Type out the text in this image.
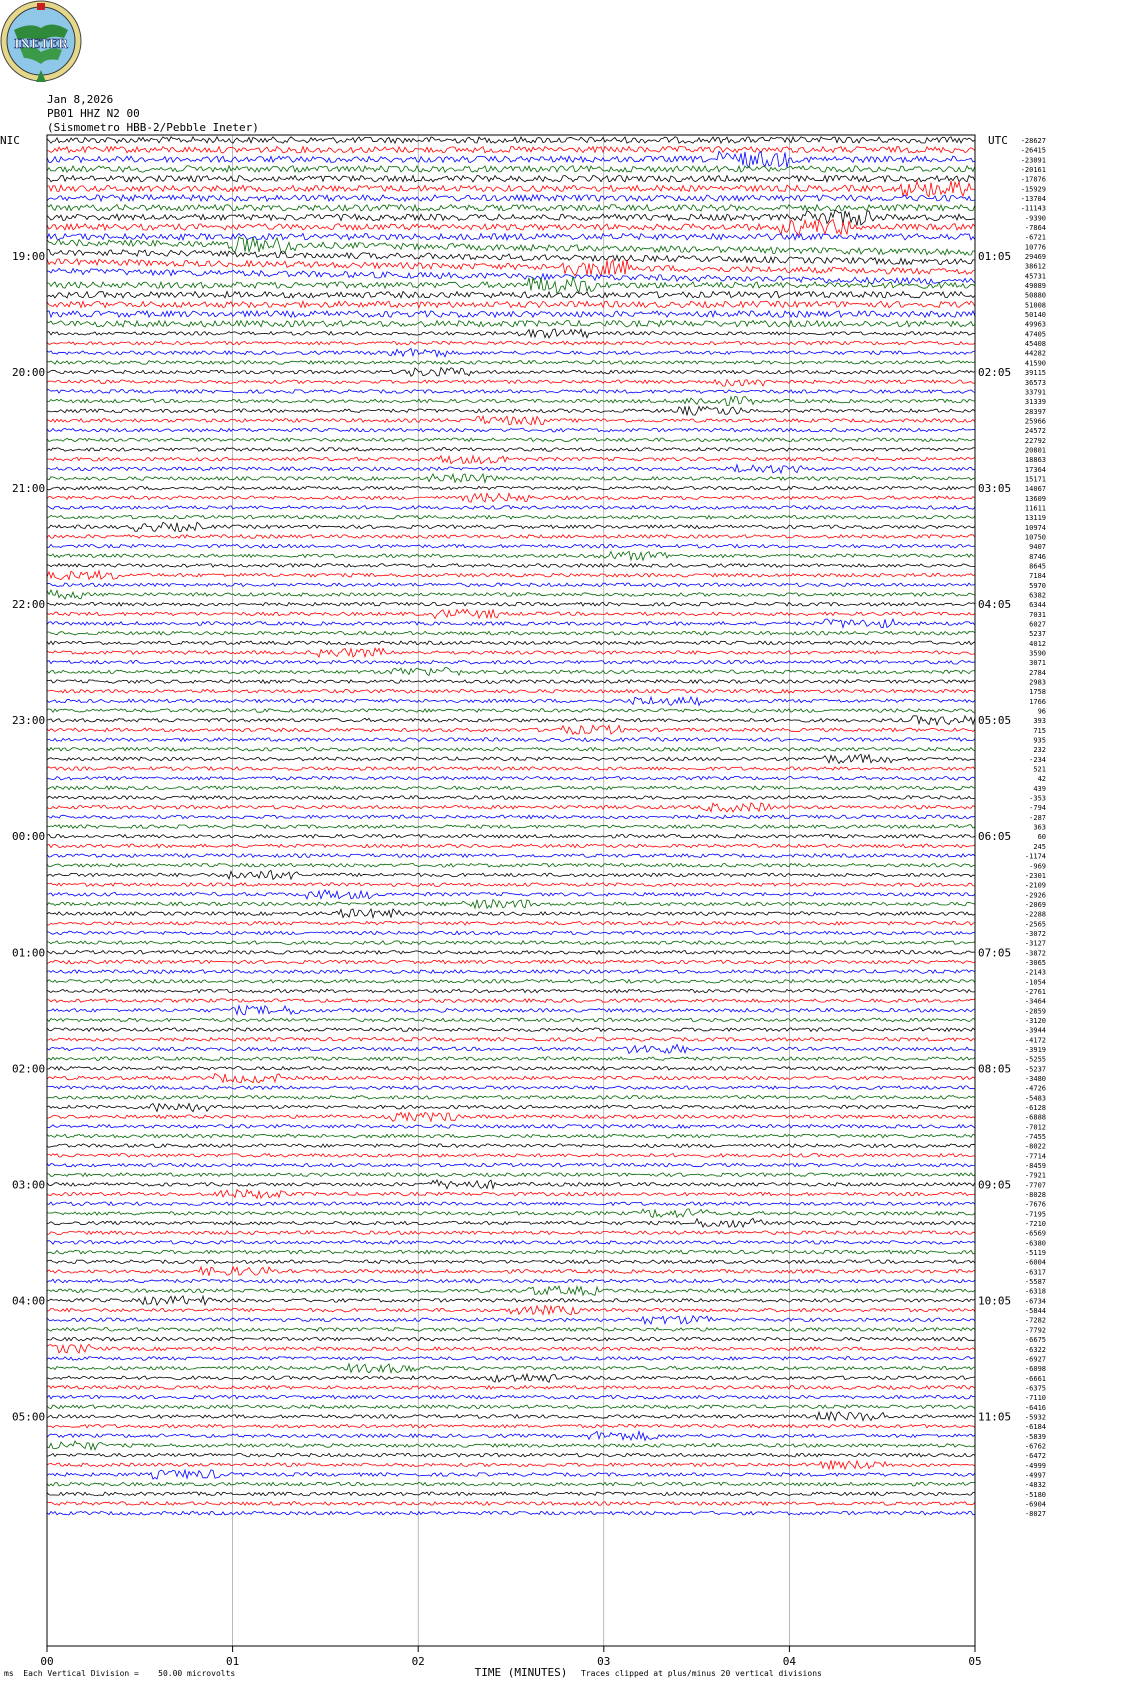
INETER
Jan 8,2026
PB01 HHZ N2 00
(Sismometro HBB-2/Pebble Ineter)
NIC	UTC
19:00
20:00
21:00
22:00
23:00
00:00
01:00
02:00
03:00
04:00
05:00
01:05
02:05
03:05
04:05
05:05
06:05
07:05
08:05
09:05
10:05
11:05
-28627
-26415
-23091
-20161
-17876
-15929
-13704
-11143
-9390
-7864
-6721
10776
29469
38612
45731
49089
50880
51008
50140
49963
47405
45408
44282
41590
39115
36573
33791
31339
28397
25966
24572
22792
20801
18863
17364
15171
14067
13609
11611
13119
10974
10750
9407
8746
8645
7184
5970
6382
6344
7031
6027
5237
4012
3590
3071
2784
2983
1758
1766
96
393
715
935
232
-234
521
42
439
-353
-794
-287
363
60
245
-1174
-969
-2301
-2109
-2926
-2069
-2288
-2565
-3072
-3127
-3872
-3065
-2143
-1054
-2761
-3464
-2859
-3120
-3944
-4172
-3919
-5255
-5237
-3480
-4726
-5483
-6128
-6888
-7012
-7455
-8022
-7714
-8459
-7921
-7707
-8028
-7676
-7195
-7210
-6569
-6380
-5119
-6004
-6317
-5587
-6318
-6734
-5844
-7282
-7792
-6675
-6322
-6927
-6098
-6661
-6375
-7110
-6416
-5932
-6184
-5839
-6762
-6472
-4999
-4997
-4832
-5180
-6904
-8027
00	01	02	03	04	05
TIME (MINUTES)
ms Each Vertical Division =    50.00 microvolts	Traces clipped at plus/minus 20 vertical divisions
